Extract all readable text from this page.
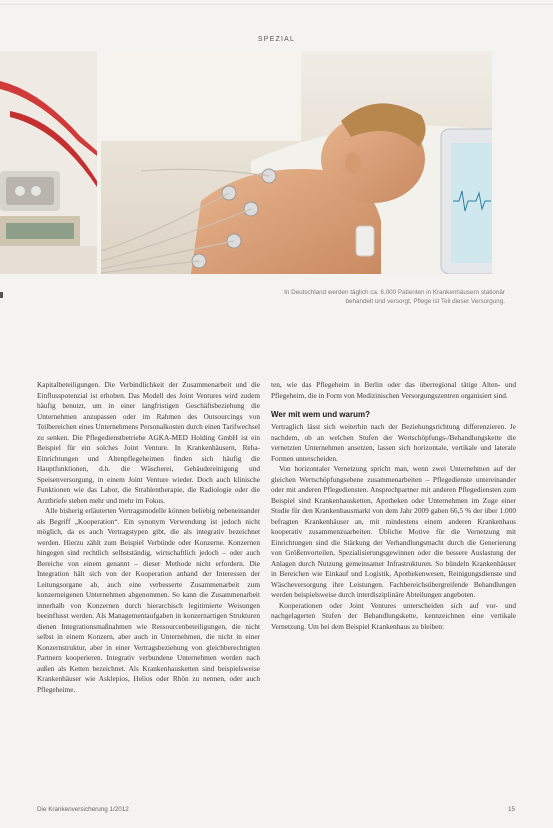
SPEZIAL
In Deutschland werden täglich ca. 6.000 Patienten in Krankenhäusern stationär
behandelt und versorgt, Pflege ist Teil dieser Versorgung.

Kapitalbeteiligungen. Die Verbindlichkeit der Zusammenarbeit und die Einflusspotenzial ist erhoben. Das Modell des Joint Ventures wird zudem häufig benutzt, um in einer langfristigen Geschäftsbeziehung die Unternehmen anzupassen oder im Rahmen des Outsourcings von Teilbereichen eines Unternehmens Personalkosten durch einen Tarifwechsel zu senken. Die Pflegedienstbetriebe AGKA-MED Holding GmbH ist ein Beispiel für ein solches Joint Venture. In Krankenhäusern, Reha-Einrichtungen und Altenpflegeheimen finden sich häufig die Hauptfunktionen, d.h. die Wäscherei, Gebäudereinigung und Speisenversorgung, in einem Joint Venture wieder. Doch auch klinische Funktionen wie das Labor, die Strahlentherapie, die Radiologie oder die Arztbriefe stehen mehr und mehr im Fokus.

Alle bisherig erläuterten Vertragsmodelle können beliebig nebeneinander als Begriff „Kooperation“. Ein synonym Verwendung ist jedoch nicht möglich, da es auch Vertragstypen gibt, die als integrativ bezeichnet werden. Hierzu zählt zum Beispiel Verbünde oder Konzerne. Konzernen hingegen sind rechtlich selbstständig, wirtschaftlich jedoch – oder auch Bereiche von einem genannt – dieser Methode nicht erfordern. Die Integration hält sich von der Kooperation anhand der Interessen der Leitungsorgane ab, auch eine verbesserte Zusammenarbeit zum konzerneigenen Unternehmen abgenommen. So kann die Zusammenarbeit innerhalb von Konzernen durch hierarchisch legitimierte Weisungen beeinflusst werden. Als Managementaufgaben in konzernartigen Strukturen dienen Integrationsmaßnahmen wie Ressourcenbeteiligungen, die nicht selbst in einem Konzern, aber auch in Unternehmen, die nicht in einer Konzernstruktur, aber in einer Vertragsbeziehung von gleichberechtigten Partnern kooperieren. Integrativ verbundene Unternehmen werden nach außen als Ketten bezeichnet. Als Krankenhausketten sind beispielsweise Krankenhäuser wie Asklepios, Helios oder Rhön zu nennen, oder auch Pflegeheime.

ten, wie das Pflegeheim in Berlin oder das überregional tätige Alten- und Pflegeheim, die in Form von Medizinischen Versorgungszentren organisiert sind.

Wer mit wem und warum?

Vertraglich lässt sich weiterhin nach der Beziehungsrichtung differenzieren. Je nachdem, ob an welchen Stufen der Wertschöpfungs-/Behandlungskette die vernetzten Unternehmen ansetzen, lassen sich horizontale, vertikale und laterale Formen unterscheiden.

Von horizontaler Vernetzung spricht man, wenn zwei Unternehmen auf der gleichen Wertschöpfungsebene zusammenarbeiten – Pflegedienste untereinander oder mit anderen Pflegediensten. Ansprechpartner mit anderen Pflegediensten zum Beispiel sind Krankenhausketten, Apotheken oder Unternehmen im Zuge einer Studie für den Krankenhausmarkt von dem Jahr 2009 gaben 66,5 % der über 1.000 befragten Krankenhäuser an, mit mindestens einem anderen Krankenhaus kooperativ zusammenzuarbeiten. Übliche Motive für die Vernetzung mit Einrichtungen sind die Stärkung der Verhandlungsmacht durch die Generierung von Größenvorteilen, Spezialisierungsgewinnen oder die bessere Auslastung der Anlagen durch Nutzung gemeinsamer Infrastrukturen. So bündeln Krankenhäuser in Bereichen wie Einkauf und Logistik, Apothekenwesen, Reinigungsdienste und Wäscheversorgung ihre Leistungen. Fachbereichsübergreifende Behandlungen werden beispielsweise durch interdisziplinäre Abteilungen angeboten.

Kooperationen oder Joint Ventures unterscheiden sich auf vor- und nachgelagerten Stufen der Behandlungskette, kennzeichnen eine vertikale Vernetzung. Um bei dem Beispiel Krankenhaus zu bleiben:

Die Krankenversicherung 1/2012	15
